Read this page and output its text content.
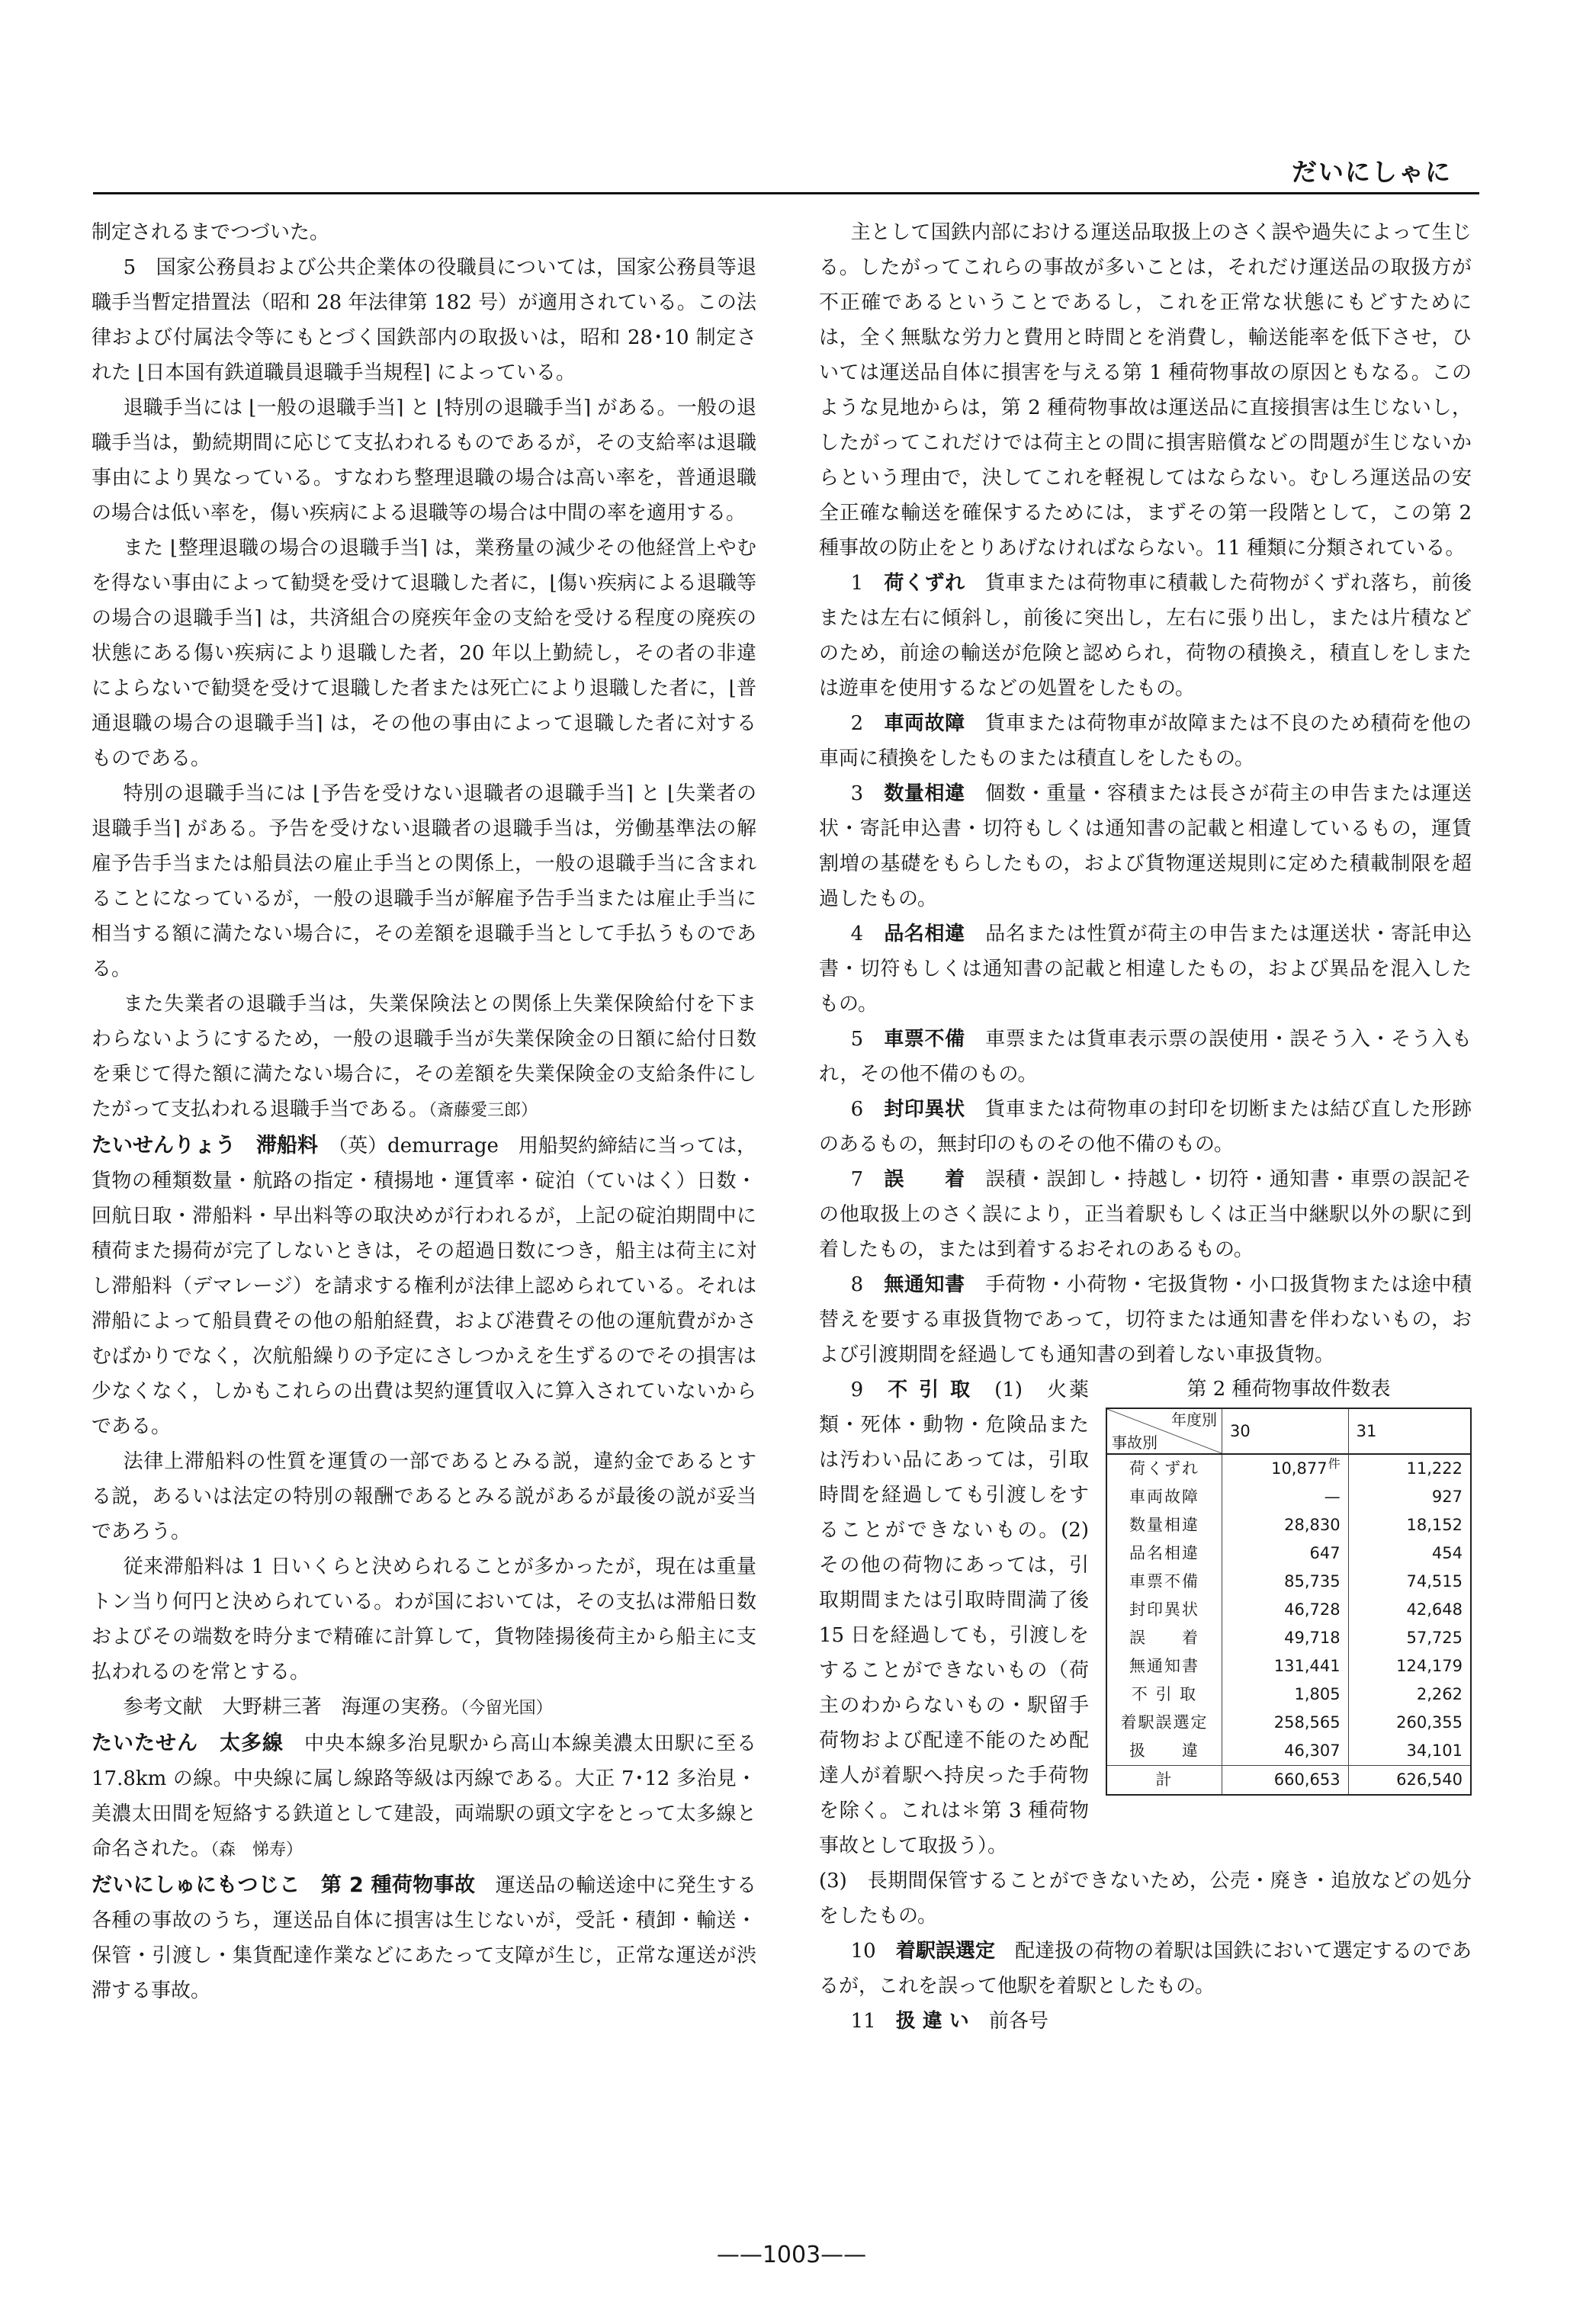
だいにしゃに

制定されるまでつづいた。

5　国家公務員および公共企業体の役職員については，国家公務員等退職手当暫定措置法（昭和 28 年法律第 182 号）が適用されている。この法律および付属法令等にもとづく国鉄部内の取扱いは，昭和 28･10 制定された ⌊日本国有鉄道職員退職手当規程⌉ によっている。

退職手当には ⌊一般の退職手当⌉ と ⌊特別の退職手当⌉ がある。一般の退職手当は，勤続期間に応じて支払われるものであるが，その支給率は退職事由により異なっている。すなわち整理退職の場合は高い率を，普通退職の場合は低い率を，傷い疾病による退職等の場合は中間の率を適用する。

また ⌊整理退職の場合の退職手当⌉ は，業務量の減少その他経営上やむを得ない事由によって勧奨を受けて退職した者に，⌊傷い疾病による退職等の場合の退職手当⌉ は，共済組合の廃疾年金の支給を受ける程度の廃疾の状態にある傷い疾病により退職した者，20 年以上勤続し，その者の非違によらないで勧奨を受けて退職した者または死亡により退職した者に，⌊普通退職の場合の退職手当⌉ は，その他の事由によって退職した者に対するものである。

特別の退職手当には ⌊予告を受けない退職者の退職手当⌉ と ⌊失業者の退職手当⌉ がある。予告を受けない退職者の退職手当は，労働基準法の解雇予告手当または船員法の雇止手当との関係上，一般の退職手当に含まれることになっているが，一般の退職手当が解雇予告手当または雇止手当に相当する額に満たない場合に，その差額を退職手当として手払うものである。

また失業者の退職手当は，失業保険法との関係上失業保険給付を下まわらないようにするため，一般の退職手当が失業保険金の日額に給付日数を乗じて得た額に満たない場合に，その差額を失業保険金の支給条件にしたがって支払われる退職手当である。（斎藤愛三郎）

たいせんりょう　滞船料　 （英）demurrage　用船契約締結に当っては，貨物の種類数量・航路の指定・積揚地・運賃率・碇泊（ていはく）日数・回航日取・滞船料・早出料等の取決めが行われるが，上記の碇泊期間中に積荷また揚荷が完了しないときは，その超過日数につき，船主は荷主に対し滞船料（デマレージ）を請求する権利が法律上認められている。それは滞船によって船員費その他の船舶経費，および港費その他の運航費がかさむばかりでなく，次航船繰りの予定にさしつかえを生ずるのでその損害は少なくなく，しかもこれらの出費は契約運賃収入に算入されていないからである。

法律上滞船料の性質を運賃の一部であるとみる説，違約金であるとする説，あるいは法定の特別の報酬であるとみる説があるが最後の説が妥当であろう。

従来滞船料は 1 日いくらと決められることが多かったが，現在は重量トン当り何円と決められている。わが国においては，その支払は滞船日数およびその端数を時分まで精確に計算して，貨物陸揚後荷主から船主に支払われるのを常とする。

参考文献　大野耕三著　海運の実務。（今留光国）

たいたせん　太多線　 中央本線多治見駅から高山本線美濃太田駅に至る 17.8km の線。中央線に属し線路等級は丙線である。大正 7･12 多治見・美濃太田間を短絡する鉄道として建設，両端駅の頭文字をとって太多線と命名された。（森　悌寿）

だいにしゅにもつじこ　第 2 種荷物事故　 運送品の輸送途中に発生する各種の事故のうち，運送品自体に損害は生じないが，受託・積卸・輸送・保管・引渡し・集貨配達作業などにあたって支障が生じ，正常な運送が渋滞する事故。

主として国鉄内部における運送品取扱上のさく誤や過失によって生じる。したがってこれらの事故が多いことは，それだけ運送品の取扱方が不正確であるということであるし，これを正常な状態にもどすためには，全く無駄な労力と費用と時間とを消費し，輸送能率を低下させ，ひいては運送品自体に損害を与える第 1 種荷物事故の原因ともなる。このような見地からは，第 2 種荷物事故は運送品に直接損害は生じないし，したがってこれだけでは荷主との間に損害賠償などの問題が生じないからという理由で，決してこれを軽視してはならない。むしろ運送品の安全正確な輸送を確保するためには，まずその第一段階として，この第 2 種事故の防止をとりあげなければならない。11 種類に分類されている。

1　 荷くずれ　 貨車または荷物車に積載した荷物がくずれ落ち，前後または左右に傾斜し，前後に突出し，左右に張り出し，または片積などのため，前途の輸送が危険と認められ，荷物の積換え，積直しをしまたは遊車を使用するなどの処置をしたもの。

2　 車両故障　 貨車または荷物車が故障または不良のため積荷を他の車両に積換をしたものまたは積直しをしたもの。

3　 数量相違　 個数・重量・容積または長さが荷主の申告または運送状・寄託申込書・切符もしくは通知書の記載と相違しているもの，運賃割増の基礎をもらしたもの，および貨物運送規則に定めた積載制限を超過したもの。

4　 品名相違　 品名または性質が荷主の申告または運送状・寄託申込書・切符もしくは通知書の記載と相違したもの，および異品を混入したもの。

5　 車票不備　 車票または貨車表示票の誤使用・誤そう入・そう入もれ，その他不備のもの。

6　 封印異状　 貨車または荷物車の封印を切断または結び直した形跡のあるもの，無封印のものその他不備のもの。

7　 誤　　着　 誤積・誤卸し・持越し・切符・通知書・車票の誤記その他取扱上のさく誤により，正当着駅もしくは正当中継駅以外の駅に到着したもの，または到着するおそれのあるもの。

8　 無通知書　 手荷物・小荷物・宅扱貨物・小口扱貨物または途中積替えを要する車扱貨物であって，切符または通知書を伴わないもの，および引渡期間を経過しても通知書の到着しない車扱貨物。

第 2 種荷物事故件数表
年度別
事故別	30	31
荷くずれ	$10,877^件$	11,222
車両故障	—	927
数量相違	28,830	18,152
品名相違	647	454
車票不備	85,735	74,515
封印異状	46,728	42,648
誤　　着	49,718	57,725
無通知書	131,441	124,179
不 引 取	1,805	2,262
着駅誤選定	258,565	260,355
扱　　違	46,307	34,101
計	660,653	626,540

9　 不 引 取　 (1)　火薬類・死体・動物・危険品または汚わい品にあっては，引取時間を経過しても引渡しをすることができないもの。(2)　その他の荷物にあっては，引取期間または引取時間満了後 15 日を経過しても，引渡しをすることができないもの（荷主のわからないもの・駅留手荷物および配達不能のため配達人が着駅へ持戻った手荷物を除く。これは＊第 3 種荷物事故として取扱う）。

(3)　長期間保管することができないため，公売・廃き・追放などの処分をしたもの。

10　 着駅誤選定　 配達扱の荷物の着駅は国鉄において選定するのであるが，これを誤って他駅を着駅としたもの。

11　 扱 違 い　 前各号

——1003——
